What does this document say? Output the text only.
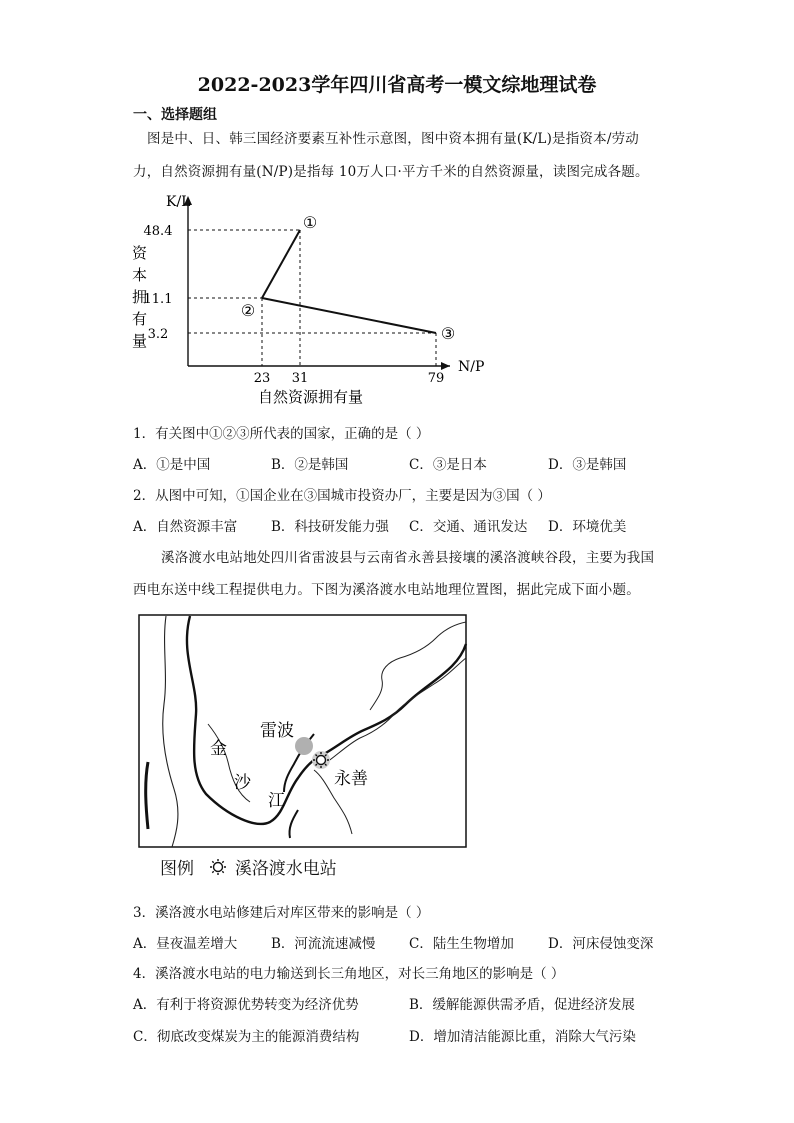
2022-2023学年四川省高考一模文综地理试卷
一、选择题组
图是中、日、韩三国经济要素互补性示意图，图中资本拥有量(K/L)是指资本/劳动
力，自然资源拥有量(N/P)是指每 10万人口·平方千米的自然资源量，读图完成各题。
K/L
N/P
资
本
拥
有
量
自然资源拥有量
48.4
11.1
3.2
23 31	79
①
②
③
1．有关图中①②③所代表的国家，正确的是（ ）
A．①是中国	B．②是韩国	C．③是日本	D．③是韩国
2．从图中可知，①国企业在③国城市投资办厂，主要是因为③国（ ）
A．自然资源丰富	B．科技研发能力强 C．交通、通讯发达 D．环境优美
溪洛渡水电站地处四川省雷波县与云南省永善县接壤的溪洛渡峡谷段，主要为我国
西电东送中线工程提供电力。下图为溪洛渡水电站地理位置图，据此完成下面小题。
雷波
金
沙
江
永善
图例 溪洛渡水电站
3．溪洛渡水电站修建后对库区带来的影响是（ ）
A．昼夜温差增大	B．河流流速减慢 C．陆生生物增加	D．河床侵蚀变深
4．溪洛渡水电站的电力输送到长三角地区，对长三角地区的影响是（ ）
A．有利于将资源优势转变为经济优势	B．缓解能源供需矛盾，促进经济发展
C．彻底改变煤炭为主的能源消费结构	D．增加清洁能源比重，消除大气污染
